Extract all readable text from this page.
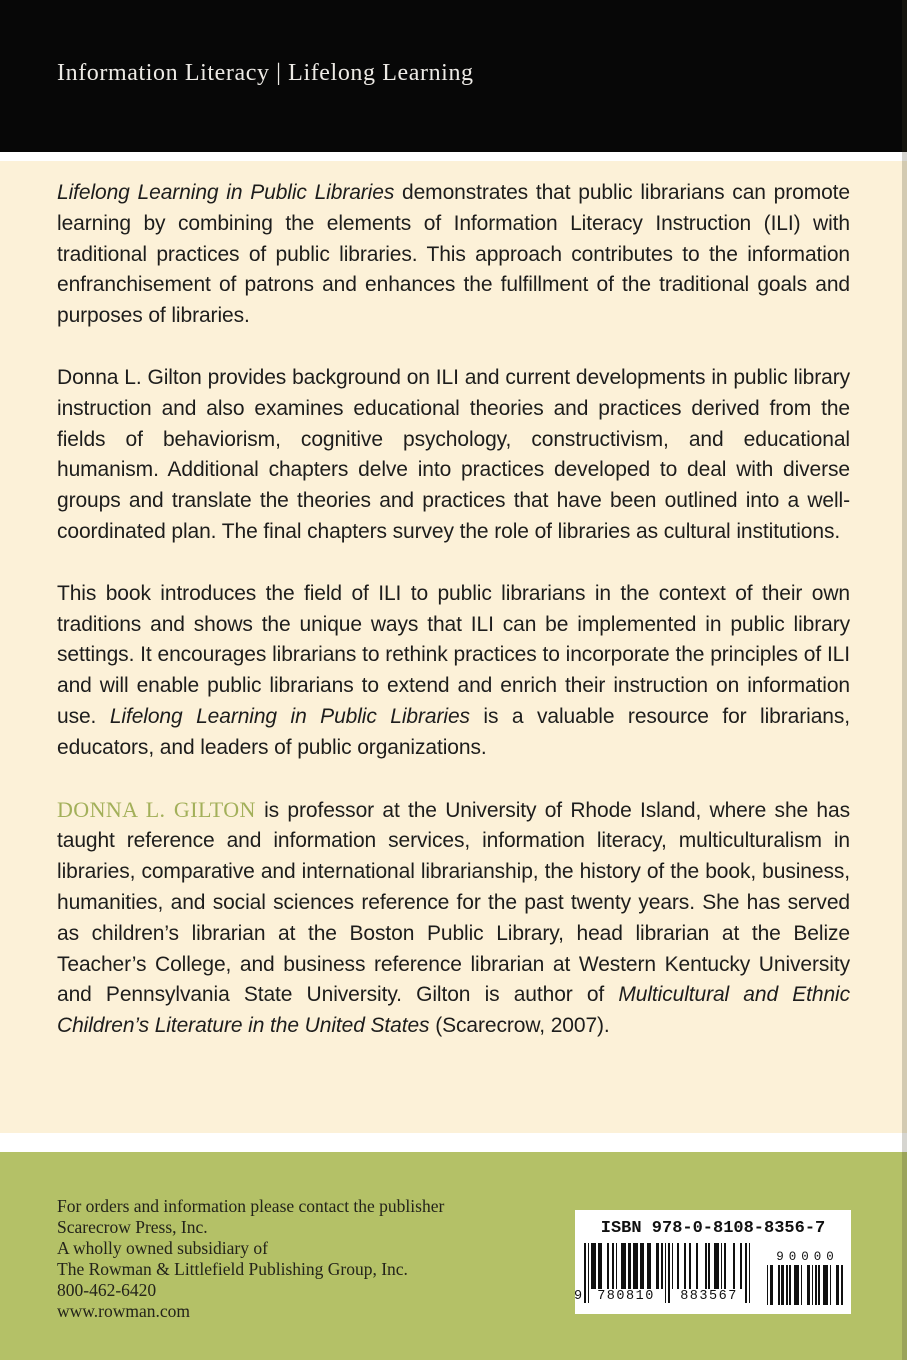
Information Literacy | Lifelong Learning

Lifelong Learning in Public Libraries demonstrates that public librarians can promote learning by combining the elements of Information Literacy Instruction (ILI) with traditional practices of public libraries. This approach contributes to the information enfranchisement of patrons and enhances the fulfillment of the traditional goals and purposes of libraries.

Donna L. Gilton provides background on ILI and current developments in public library instruction and also examines educational theories and practices derived from the fields of behaviorism, cognitive psychology, constructivism, and educational humanism. Additional chapters delve into practices developed to deal with diverse groups and translate the theories and practices that have been outlined into a well-coordinated plan. The final chapters survey the role of libraries as cultural institutions.

This book introduces the field of ILI to public librarians in the context of their own traditions and shows the unique ways that ILI can be implemented in public library settings. It encourages librarians to rethink practices to incorporate the principles of ILI and will enable public librarians to extend and enrich their instruction on information use. Lifelong Learning in Public Libraries is a valuable resource for librarians, educators, and leaders of public organizations.

DONNA L. GILTON is professor at the University of Rhode Island, where she has taught reference and information services, information literacy, multiculturalism in libraries, comparative and international librarianship, the history of the book, business, humanities, and social sciences reference for the past twenty years. She has served as children’s librarian at the Boston Public Library, head librarian at the Belize Teacher’s College, and business reference librarian at Western Kentucky University and Pennsylvania State University. Gilton is author of Multicultural and Ethnic Children’s Literature in the United States (Scarecrow, 2007).

For orders and information please contact the publisher
Scarecrow Press, Inc.
A wholly owned subsidiary of
The Rowman & Littlefield Publishing Group, Inc.
800-462-6420
www.rowman.com
ISBN 978-0-8108-8356-7
9	780810	883567
90000
